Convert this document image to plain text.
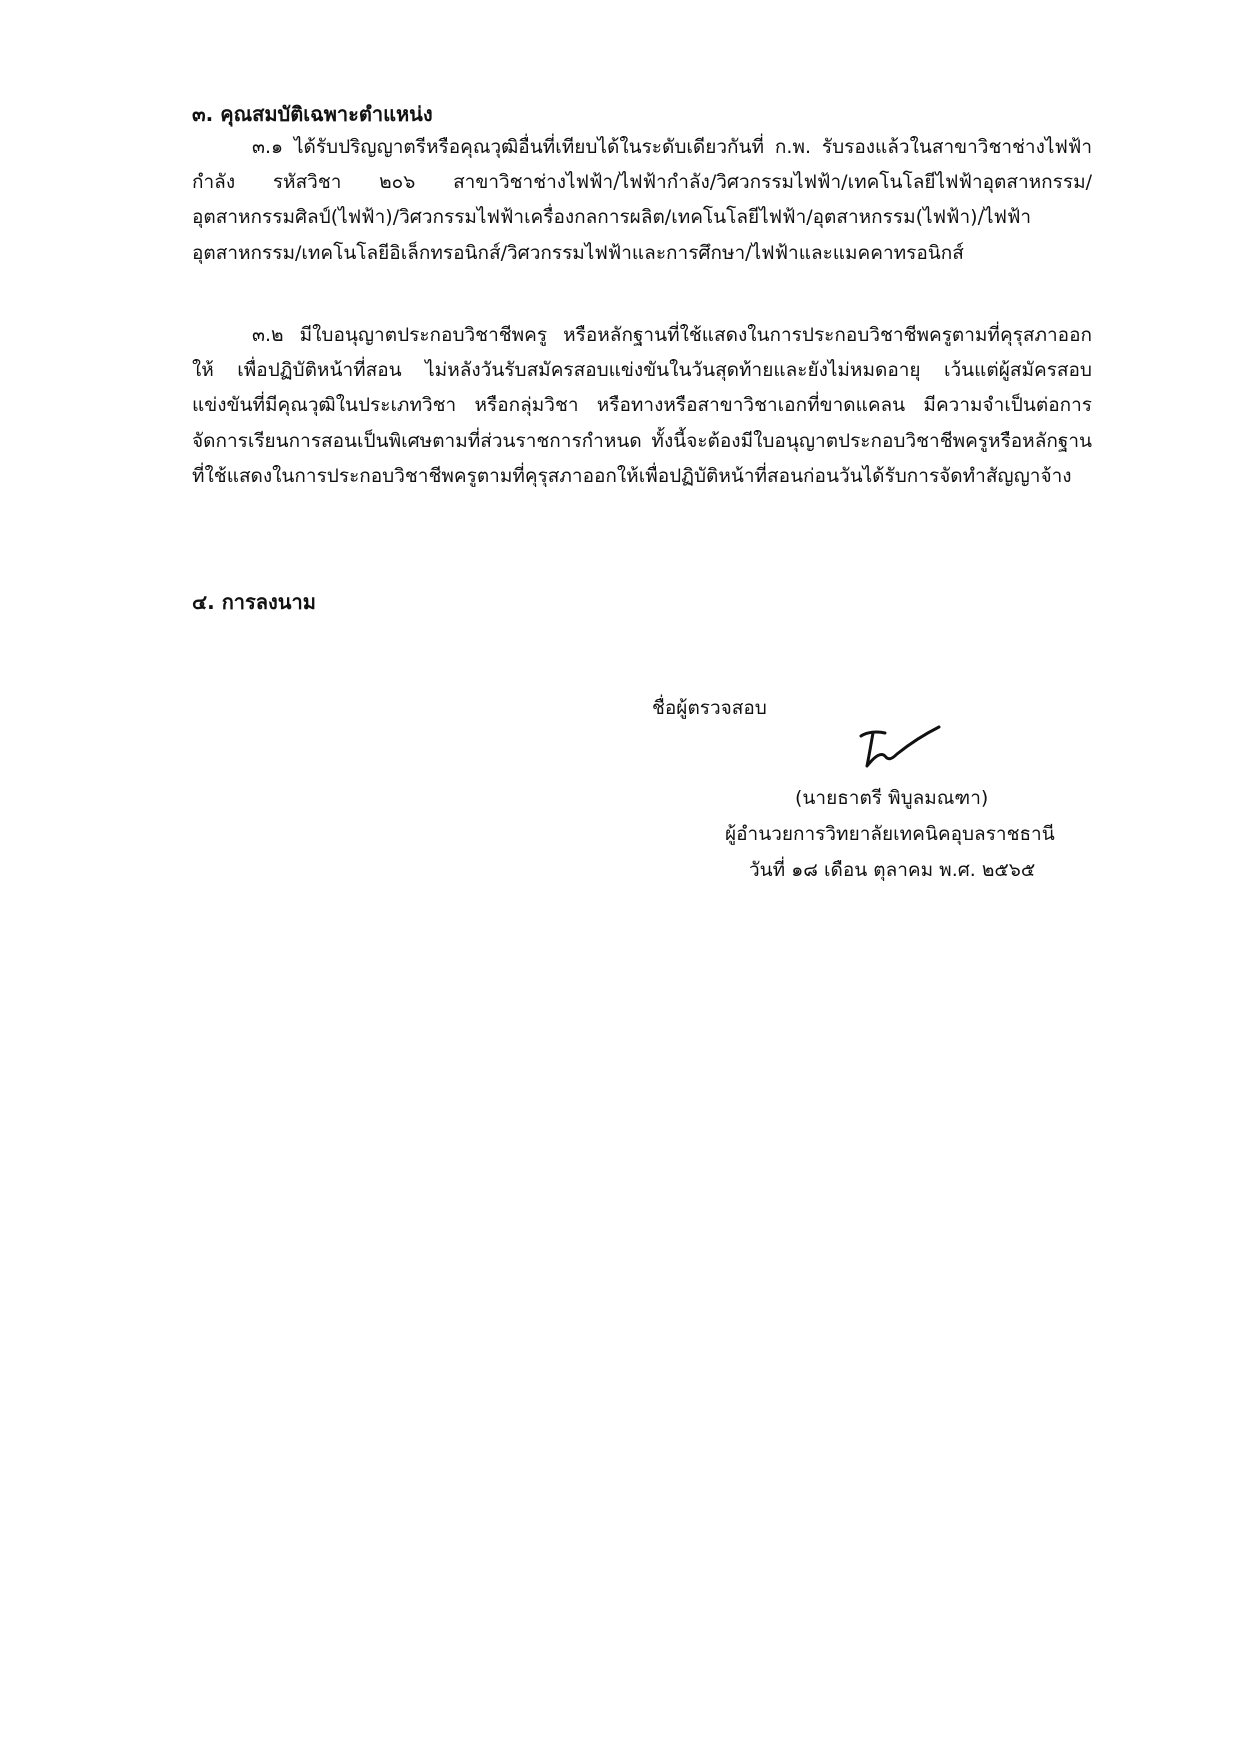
๓. คุณสมบัติเฉพาะตำแหน่ง

๓.๑ ได้รับปริญญาตรีหรือคุณวุฒิอื่นที่เทียบได้ในระดับเดียวกันที่ ก.พ. รับรองแล้วในสาขาวิชาช่างไฟฟ้ากำลัง รหัสวิชา ๒๐๖ สาขาวิชาช่างไฟฟ้า/ไฟฟ้ากำลัง/วิศวกรรมไฟฟ้า/เทคโนโลยีไฟฟ้าอุตสาหกรรม/อุตสาหกรรมศิลป์(ไฟฟ้า)/วิศวกรรมไฟฟ้าเครื่องกลการผลิต/เทคโนโลยีไฟฟ้า/อุตสาหกรรม(ไฟฟ้า)/ไฟฟ้าอุตสาหกรรม/เทคโนโลยีอิเล็กทรอนิกส์/วิศวกรรมไฟฟ้าและการศึกษา/ไฟฟ้าและแมคคาทรอนิกส์

๓.๒ มีใบอนุญาตประกอบวิชาชีพครู หรือหลักฐานที่ใช้แสดงในการประกอบวิชาชีพครูตามที่คุรุสภาออกให้ เพื่อปฏิบัติหน้าที่สอน ไม่หลังวันรับสมัครสอบแข่งขันในวันสุดท้ายและยังไม่หมดอายุ เว้นแต่ผู้สมัครสอบแข่งขันที่มีคุณวุฒิในประเภทวิชา หรือกลุ่มวิชา หรือทางหรือสาขาวิชาเอกที่ขาดแคลน มีความจำเป็นต่อการจัดการเรียนการสอนเป็นพิเศษตามที่ส่วนราชการกำหนด ทั้งนี้จะต้องมีใบอนุญาตประกอบวิชาชีพครูหรือหลักฐานที่ใช้แสดงในการประกอบวิชาชีพครูตามที่คุรุสภาออกให้เพื่อปฏิบัติหน้าที่สอนก่อนวันได้รับการจัดทำสัญญาจ้าง

๔. การลงนาม
ชื่อผู้ตรวจสอบ
(นายธาตรี พิบูลมณฑา)
ผู้อำนวยการวิทยาลัยเทคนิคอุบลราชธานี
วันที่ ๑๘ เดือน ตุลาคม พ.ศ. ๒๕๖๕
